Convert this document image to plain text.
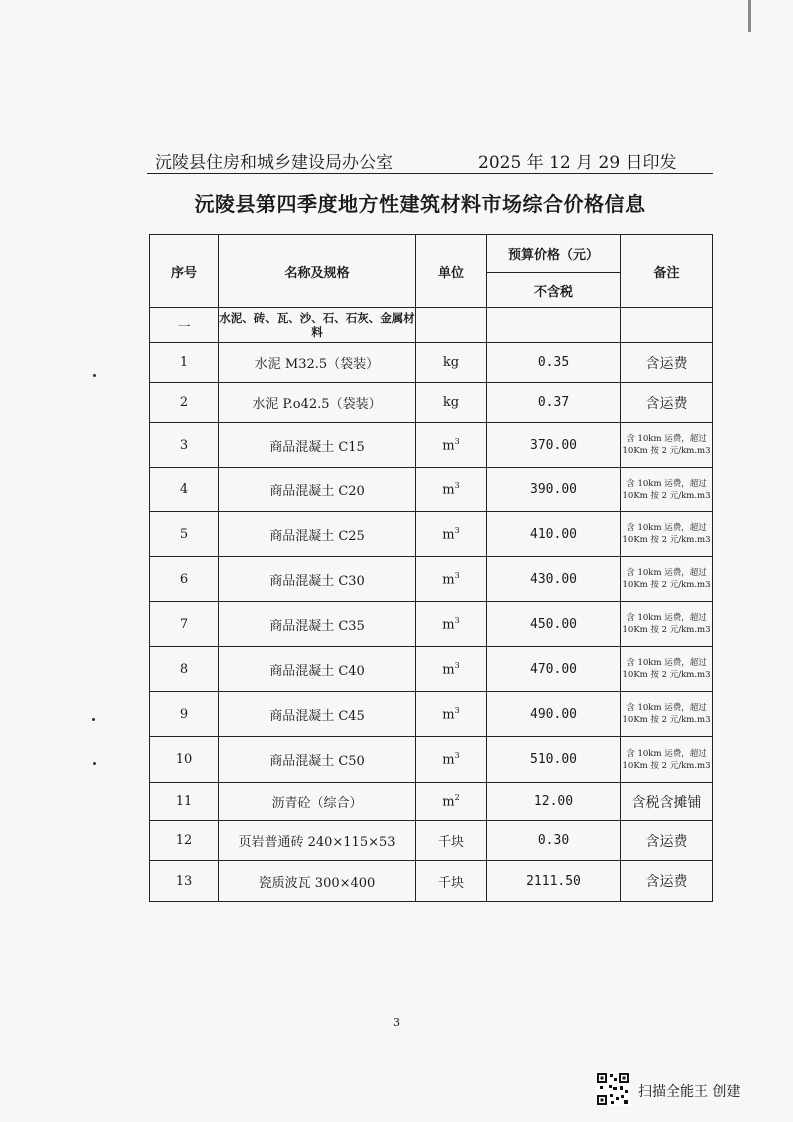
沅陵县住房和城乡建设局办公室	2025 年 12 月 29 日印发
沅陵县第四季度地方性建筑材料市场综合价格信息
序号	名称及规格	单位	预算价格（元）	备注
			不含税	
一	水泥、砖、瓦、沙、石、石灰、金属材料			
1	水泥 M32.5（袋装）	kg	0.35	含运费
2	水泥 P.o42.5（袋装）	kg	0.37	含运费
3	商品混凝土 C15	$m^3$	370.00	含 10km 运费，超过 10Km 按 2 元/km.m3
4	商品混凝土 C20	$m^3$	390.00	含 10km 运费，超过 10Km 按 2 元/km.m3
5	商品混凝土 C25	$m^3$	410.00	含 10km 运费，超过 10Km 按 2 元/km.m3
6	商品混凝土 C30	$m^3$	430.00	含 10km 运费，超过 10Km 按 2 元/km.m3
7	商品混凝土 C35	$m^3$	450.00	含 10km 运费，超过 10Km 按 2 元/km.m3
8	商品混凝土 C40	$m^3$	470.00	含 10km 运费，超过 10Km 按 2 元/km.m3
9	商品混凝土 C45	$m^3$	490.00	含 10km 运费，超过 10Km 按 2 元/km.m3
10	商品混凝土 C50	$m^3$	510.00	含 10km 运费，超过 10Km 按 2 元/km.m3
11	沥青砼（综合）	$m^2$	12.00	含税含摊铺
12	页岩普通砖 240×115×53	千块	0.30	含运费
13	瓷质波瓦 300×400	千块	2111.50	含运费
3
扫描全能王 创建
